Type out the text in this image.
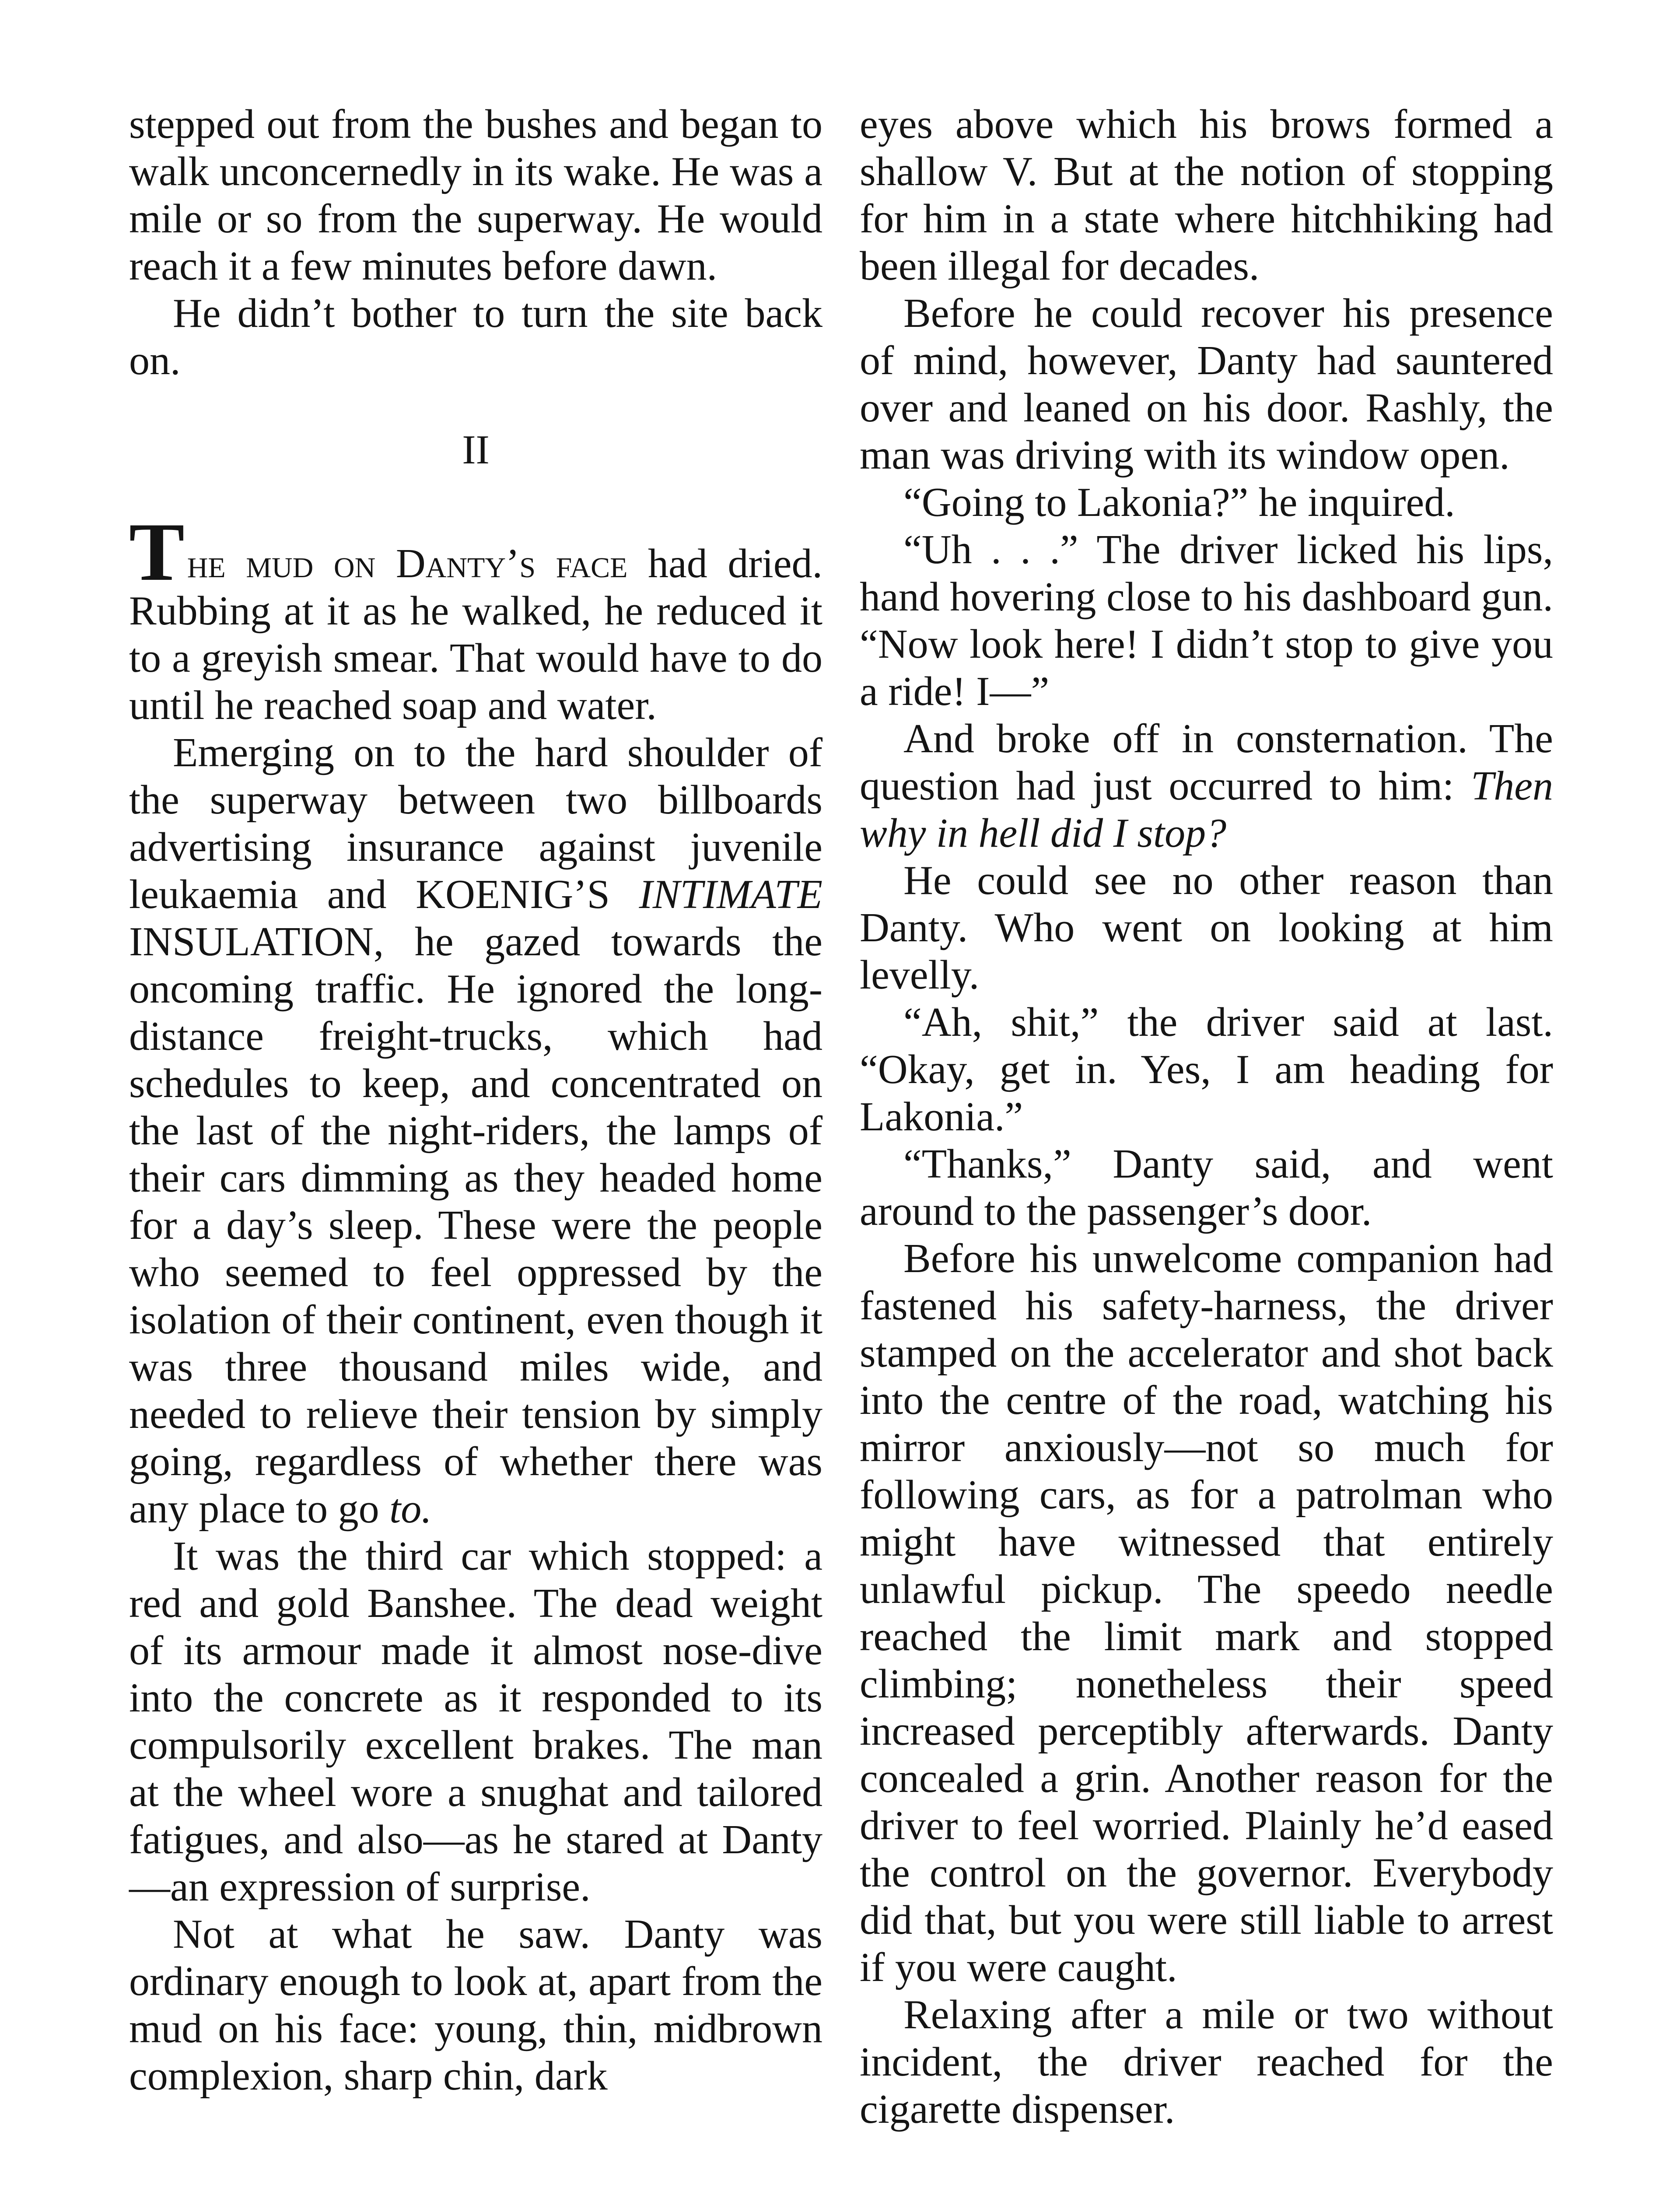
stepped out from the bushes and began to walk unconcernedly in its wake. He was a mile or so from the superway. He would reach it a few minutes before dawn.

He didn’t bother to turn the site back on.

II

The mud on Danty’s face had dried. Rubbing at it as he walked, he reduced it to a greyish smear. That would have to do until he reached soap and water.

Emerging on to the hard shoulder of the superway between two billboards advertising insurance against juvenile leukaemia and KOENIG’S INTIMATE INSULATION, he gazed towards the oncoming traffic. He ignored the long-distance freight-trucks, which had schedules to keep, and concentrated on the last of the night-riders, the lamps of their cars dimming as they headed home for a day’s sleep. These were the people who seemed to feel oppressed by the isolation of their continent, even though it was three thousand miles wide, and needed to relieve their tension by simply going, regardless of whether there was any place to go to.

It was the third car which stopped: a red and gold Banshee. The dead weight of its armour made it almost nose-dive into the concrete as it responded to its compulsorily excellent brakes. The man at the wheel wore a snughat and tailored fatigues, and also—as he stared at Danty—an expression of surprise.

Not at what he saw. Danty was ordinary enough to look at, apart from the mud on his face: young, thin, midbrown complexion, sharp chin, dark

eyes above which his brows formed a shallow V. But at the notion of stopping for him in a state where hitchhiking had been illegal for decades.

Before he could recover his presence of mind, however, Danty had sauntered over and leaned on his door. Rashly, the man was driving with its window open.

“Going to Lakonia?” he inquired.

“Uh . . .” The driver licked his lips, hand hovering close to his dashboard gun. “Now look here! I didn’t stop to give you a ride! I—”

And broke off in consternation. The question had just occurred to him: Then why in hell did I stop?

He could see no other reason than Danty. Who went on looking at him levelly.

“Ah, shit,” the driver said at last. “Okay, get in. Yes, I am heading for Lakonia.”

“Thanks,” Danty said, and went around to the passenger’s door.

Before his unwelcome companion had fastened his safety-harness, the driver stamped on the accelerator and shot back into the centre of the road, watching his mirror anxiously—not so much for following cars, as for a patrolman who might have witnessed that entirely unlawful pickup. The speedo needle reached the limit mark and stopped climbing; nonetheless their speed increased perceptibly afterwards. Danty concealed a grin. Another reason for the driver to feel worried. Plainly he’d eased the control on the governor. Everybody did that, but you were still liable to arrest if you were caught.

Relaxing after a mile or two without incident, the driver reached for the cigarette dispenser.
